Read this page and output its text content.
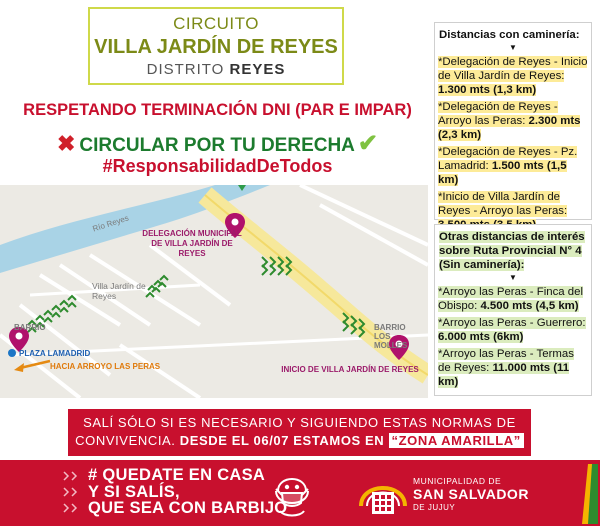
CIRCUITO
VILLA JARDÍN DE REYES
DISTRITO REYES
RESPETANDO TERMINACIÓN DNI (PAR E IMPAR)
✖ CIRCULAR POR TU DERECHA ✔
#ResponsabilidadDeTodos
Distancias con caminería:
▼
*Delegación de Reyes - Inicio de Villa Jardín de Reyes: 1.300 mts (1,3 km)
*Delegación de Reyes - Arroyo las Peras: 2.300 mts (2,3 km)
*Delegación de Reyes - Pz. Lamadrid: 1.500 mts (1,5 km)
*Inicio de Villa Jardín de Reyes - Arroyo las Peras:
Otras distancias de interés sobre Ruta Provincial N° 4 (Sin caminería):
▼
*Arroyo las Peras - Finca del Obispo: 4.500 mts (4,5 km)
*Arroyo las Peras - Guerrero: 6.000 mts (6km)
*Arroyo las Peras - Termas de Reyes: 11.000 mts (11 km)
Río Reyes
Villa Jardín de Reyes
BARRIO	BARRIO LOS MOLLES
DELEGACIÓN MUNICIPAL DE VILLA JARDÍN DE REYES
INICIO DE VILLA JARDÍN DE REYES
PLAZA LAMADRID
HACIA ARROYO LAS PERAS
SALÍ SÓLO SI ES NECESARIO Y SIGUIENDO ESTAS NORMAS DE
CONVIVENCIA. DESDE EL 06/07 ESTAMOS EN “ZONA AMARILLA”
# QUEDATE EN CASA
Y SI SALÍS,
QUE SEA CON BARBIJO
MUNICIPALIDAD DE
SAN SALVADOR
DE JUJUY
